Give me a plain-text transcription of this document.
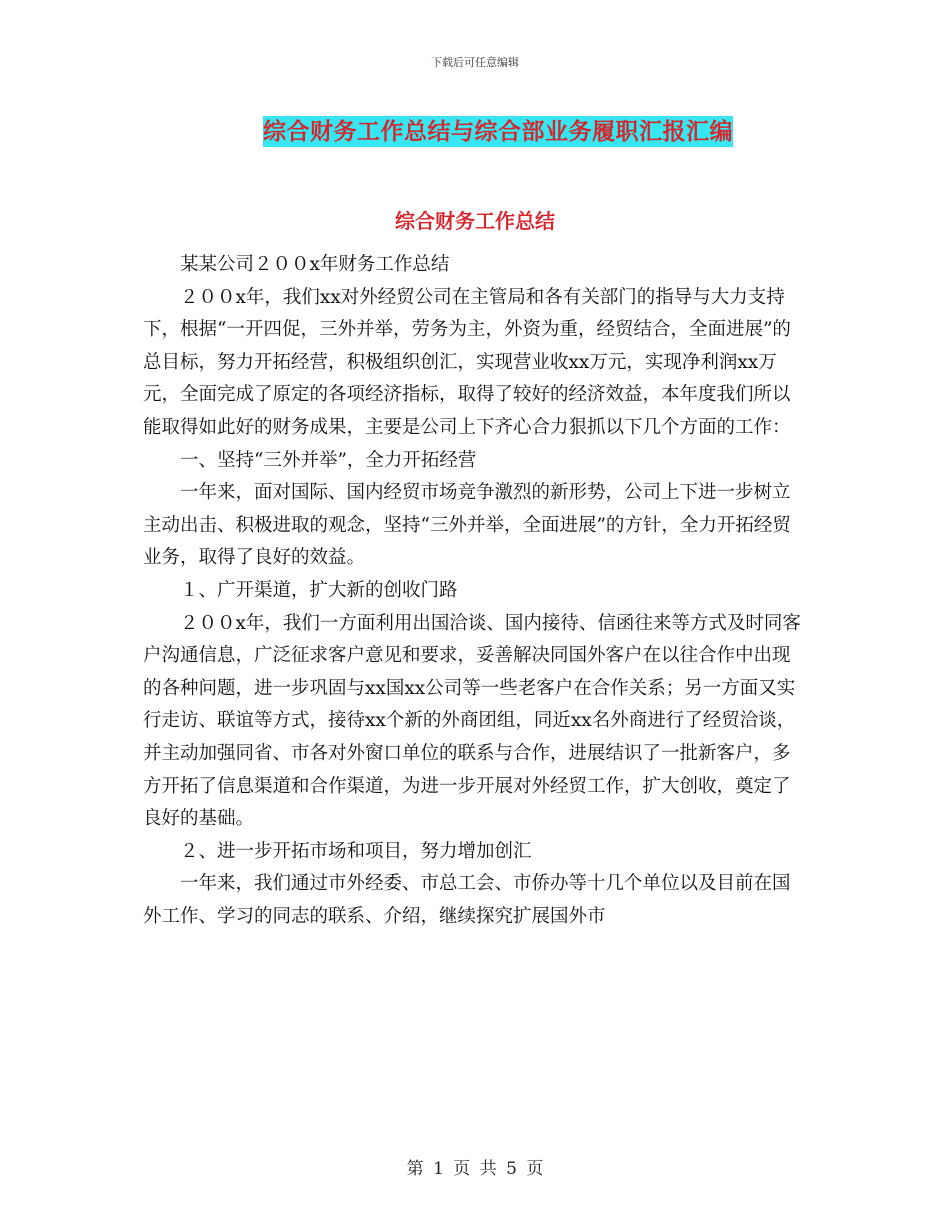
下载后可任意编辑
综合财务工作总结与综合部业务履职汇报汇编
综合财务工作总结

某某公司２００x年财务工作总结

２００x年，我们xx对外经贸公司在主管局和各有关部门的指导与大力支持下，根据“一开四促，三外并举，劳务为主，外资为重，经贸结合，全面进展”的总目标，努力开拓经营，积极组织创汇，实现营业收xx万元，实现净利润xx万元，全面完成了原定的各项经济指标，取得了较好的经济效益，本年度我们所以能取得如此好的财务成果，主要是公司上下齐心合力狠抓以下几个方面的工作：

一、坚持“三外并举”，全力开拓经营

一年来，面对国际、国内经贸市场竞争激烈的新形势，公司上下进一步树立主动出击、积极进取的观念，坚持“三外并举，全面进展”的方针，全力开拓经贸业务，取得了良好的效益。

１、广开渠道，扩大新的创收门路

２００x年，我们一方面利用出国洽谈、国内接待、信函往来等方式及时同客户沟通信息，广泛征求客户意见和要求，妥善解决同国外客户在以往合作中出现的各种问题，进一步巩固与xx国xx公司等一些老客户在合作关系；另一方面又实行走访、联谊等方式，接待xx个新的外商团组，同近xx名外商进行了经贸洽谈，并主动加强同省、市各对外窗口单位的联系与合作，进展结识了一批新客户，多方开拓了信息渠道和合作渠道，为进一步开展对外经贸工作，扩大创收，奠定了良好的基础。

２、进一步开拓市场和项目，努力增加创汇

一年来，我们通过市外经委、市总工会、市侨办等十几个单位以及目前在国外工作、学习的同志的联系、介绍，继续探究扩展国外市

第 1 页 共 5 页
